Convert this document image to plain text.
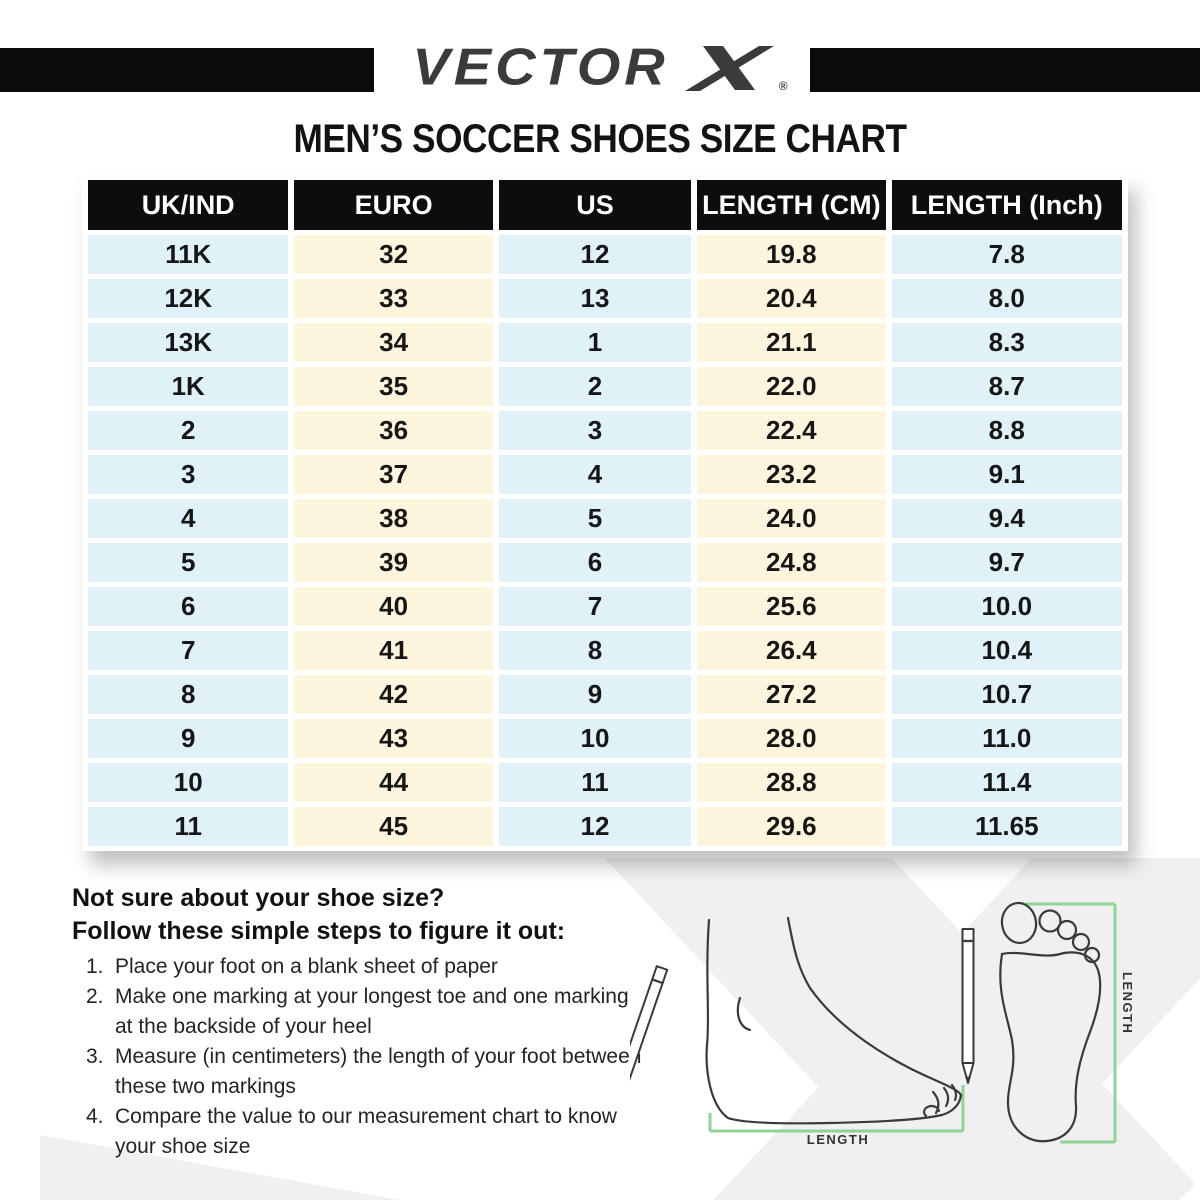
VECTOR	®
MEN’S SOCCER SHOES SIZE CHART
UK/IND	EURO	US	LENGTH (CM)	LENGTH (Inch)
11K	32	12	19.8	7.8
12K	33	13	20.4	8.0
13K	34	1	21.1	8.3
1K	35	2	22.0	8.7
2	36	3	22.4	8.8
3	37	4	23.2	9.1
4	38	5	24.0	9.4
5	39	6	24.8	9.7
6	40	7	25.6	10.0
7	41	8	26.4	10.4
8	42	9	27.2	10.7
9	43	10	28.0	11.0
10	44	11	28.8	11.4
11	45	12	29.6	11.65
Not sure about your shoe size?
Follow these simple steps to figure it out:
1. Place your foot on a blank sheet of paper
2. Make one marking at your longest toe and one marking
at the backside of your heel
3. Measure (in centimeters) the length of your foot between
these two markings
4. Compare the value to our measurement chart to know
your shoe size	LENGTH
LENGTH
